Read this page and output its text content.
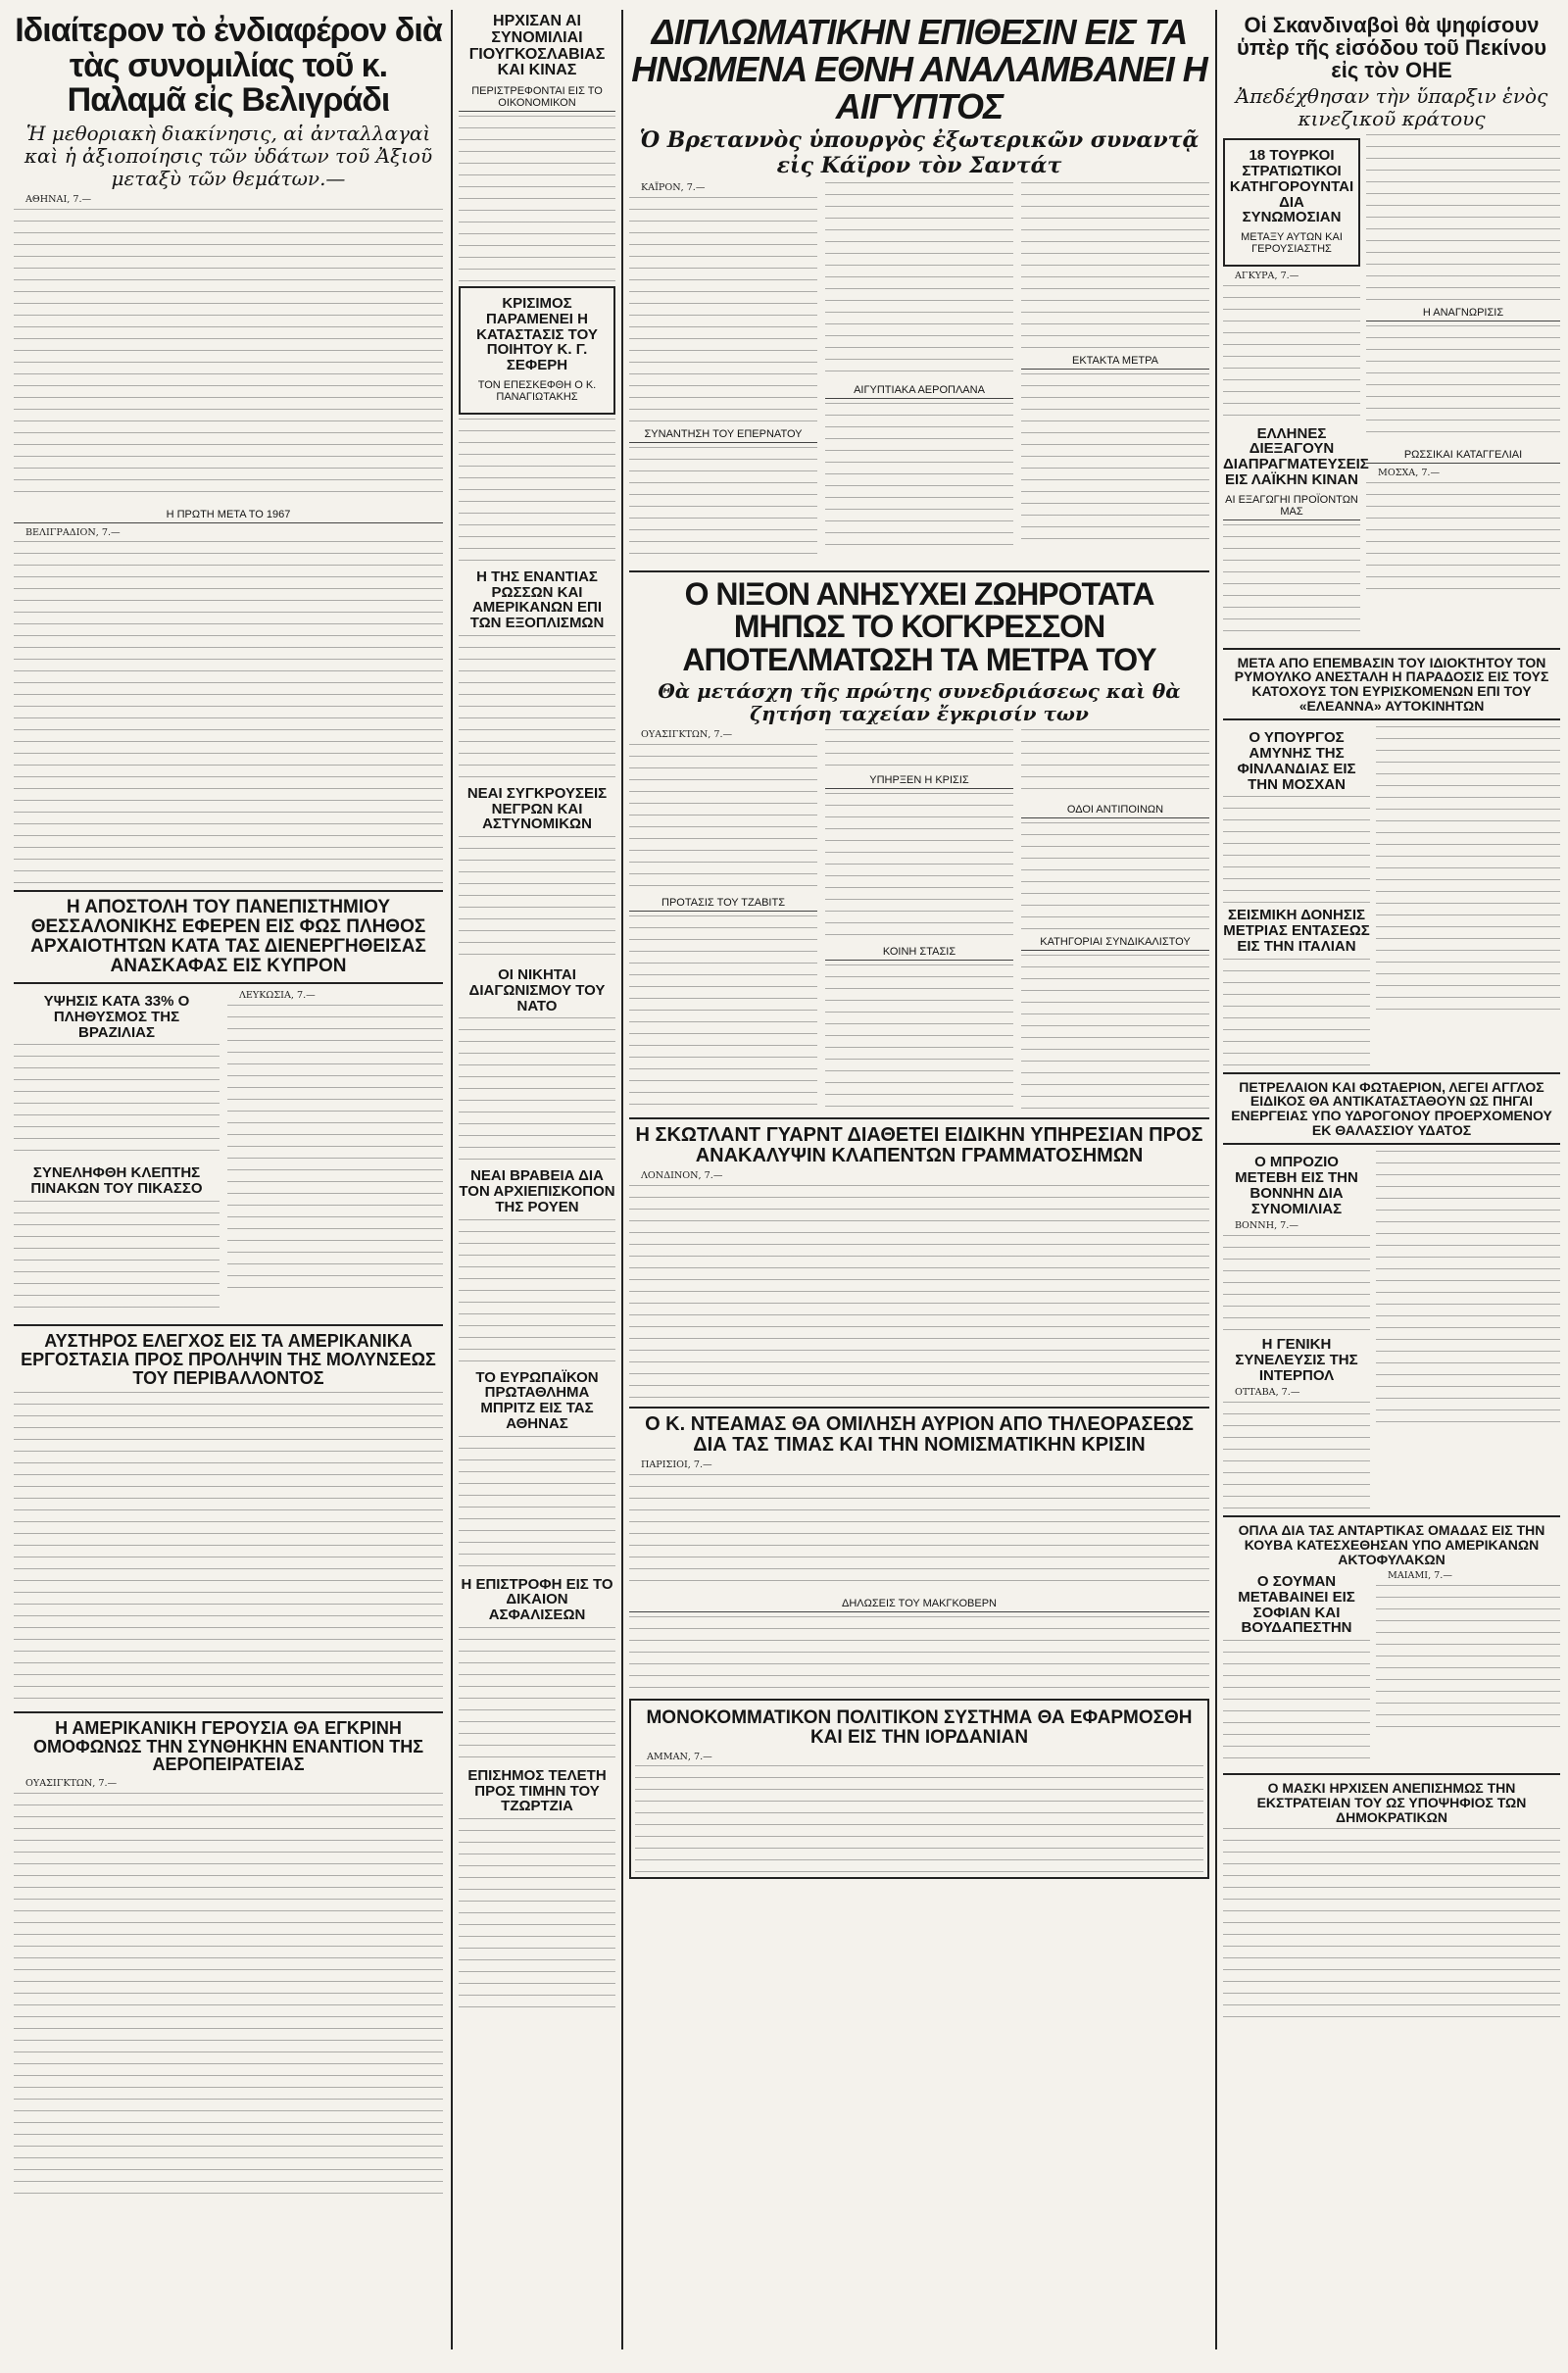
Ιδιαίτερον τὸ ἐνδιαφέρον διὰ τὰς συνομιλίας τοῦ κ. Παλαμᾶ εἰς Βελιγράδι
Ἡ μεθοριακὴ διακίνησις, αἱ ἀνταλλαγαὶ καὶ ἡ ἀξιοποίησις τῶν ὑδάτων τοῦ Ἀξιοῦ μεταξὺ τῶν θεμάτων.—

ΑΘΗΝΑΙ, 7.—

Η ΠΡΩΤΗ ΜΕΤΑ ΤΟ 1967

ΒΕΛΙΓΡΑΔΙΟΝ, 7.—

Η ΑΠΟΣΤΟΛΗ ΤΟΥ ΠΑΝΕΠΙΣΤΗΜΙΟΥ ΘΕΣΣΑΛΟΝΙΚΗΣ ΕΦΕΡΕΝ ΕΙΣ ΦΩΣ ΠΛΗΘΟΣ ΑΡΧΑΙΟΤΗΤΩΝ ΚΑΤΑ ΤΑΣ ΔΙΕΝΕΡΓΗΘΕΙΣΑΣ ΑΝΑΣΚΑΦΑΣ ΕΙΣ ΚΥΠΡΟΝ
ΥΨΗΣΙΣ ΚΑΤΑ 33% Ο ΠΛΗΘΥΣΜΟΣ ΤΗΣ ΒΡΑΖΙΛΙΑΣ
ΣΥΝΕΛΗΦΘΗ ΚΛΕΠΤΗΣ ΠΙΝΑΚΩΝ ΤΟΥ ΠΙΚΑΣΣΟ

ΛΕΥΚΩΣΙΑ, 7.—

ΑΥΣΤΗΡΟΣ ΕΛΕΓΧΟΣ ΕΙΣ ΤΑ ΑΜΕΡΙΚΑΝΙΚΑ ΕΡΓΟΣΤΑΣΙΑ ΠΡΟΣ ΠΡΟΛΗΨΙΝ ΤΗΣ ΜΟΛΥΝΣΕΩΣ ΤΟΥ ΠΕΡΙΒΑΛΛΟΝΤΟΣ
Η ΑΜΕΡΙΚΑΝΙΚΗ ΓΕΡΟΥΣΙΑ ΘΑ ΕΓΚΡΙΝΗ ΟΜΟΦΩΝΩΣ ΤΗΝ ΣΥΝΘΗΚΗΝ ΕΝΑΝΤΙΟΝ ΤΗΣ ΑΕΡΟΠΕΙΡΑΤΕΙΑΣ

ΟΥΑΣΙΓΚΤΩΝ, 7.—

ΗΡΧΙΣΑΝ ΑΙ ΣΥΝΟΜΙΛΙΑΙ ΓΙΟΥΓΚΟΣΛΑΒΙΑΣ ΚΑΙ ΚΙΝΑΣ
ΠΕΡΙΣΤΡΕΦΟΝΤΑΙ ΕΙΣ ΤΟ ΟΙΚΟΝΟΜΙΚΟΝ
ΚΡΙΣΙΜΟΣ ΠΑΡΑΜΕΝΕΙ Η ΚΑΤΑΣΤΑΣΙΣ ΤΟΥ ΠΟΙΗΤΟΥ Κ. Γ. ΣΕΦΕΡΗ
ΤΟΝ ΕΠΕΣΚΕΦΘΗ Ο Κ. ΠΑΝΑΓΙΩΤΑΚΗΣ
Η ΤΗΣ ΕΝΑΝΤΙΑΣ ΡΩΣΣΩΝ ΚΑΙ ΑΜΕΡΙΚΑΝΩΝ ΕΠΙ ΤΩΝ ΕΞΟΠΛΙΣΜΩΝ
ΝΕΑΙ ΣΥΓΚΡΟΥΣΕΙΣ ΝΕΓΡΩΝ ΚΑΙ ΑΣΤΥΝΟΜΙΚΩΝ
ΟΙ ΝΙΚΗΤΑΙ ΔΙΑΓΩΝΙΣΜΟΥ ΤΟΥ ΝΑΤΟ
ΝΕΑΙ ΒΡΑΒΕΙΑ ΔΙΑ ΤΟΝ ΑΡΧΙΕΠΙΣΚΟΠΟΝ ΤΗΣ ΡΟΥΕΝ
ΤΟ ΕΥΡΩΠΑΪΚΟΝ ΠΡΩΤΑΘΛΗΜΑ ΜΠΡΙΤΖ ΕΙΣ ΤΑΣ ΑΘΗΝΑΣ
Η ΕΠΙΣΤΡΟΦΗ ΕΙΣ ΤΟ ΔΙΚΑΙΟΝ ΑΣΦΑΛΙΣΕΩΝ
ΕΠΙΣΗΜΟΣ ΤΕΛΕΤΗ ΠΡΟΣ ΤΙΜΗΝ ΤΟΥ ΤΖΩΡΤΖΙΑ
ΔΙΠΛΩΜΑΤΙΚΗΝ ΕΠΙΘΕΣΙΝ ΕΙΣ ΤΑ ΗΝΩΜΕΝΑ ΕΘΝΗ ΑΝΑΛΑΜΒΑΝΕΙ Η ΑΙΓΥΠΤΟΣ
Ὁ Βρεταννὸς ὑπουργὸς ἐξωτερικῶν συναντᾷ εἰς Κάϊρον τὸν Σαντάτ

ΚΑΪΡΟΝ, 7.—

ΣΥΝΑΝΤΗΣΗ ΤΟΥ ΕΠΕΡΝΑΤΟΥ
ΑΙΓΥΠΤΙΑΚΑ ΑΕΡΟΠΛΑΝΑ
ΕΚΤΑΚΤΑ ΜΕΤΡΑ
Ο ΝΙΞΟΝ ΑΝΗΣΥΧΕΙ ΖΩΗΡΟΤΑΤΑ ΜΗΠΩΣ ΤΟ ΚΟΓΚΡΕΣΣΟΝ ΑΠΟΤΕΛΜΑΤΩΣΗ ΤΑ ΜΕΤΡΑ ΤΟΥ
Θὰ μετάσχη τῆς πρώτης συνεδριάσεως καὶ θὰ ζητήση ταχείαν ἔγκρισίν των

ΟΥΑΣΙΓΚΤΩΝ, 7.—

ΠΡΟΤΑΣΙΣ ΤΟΥ ΤΖΑΒΙΤΣ
ΥΠΗΡΞΕΝ Η ΚΡΙΣΙΣ
ΚΟΙΝΗ ΣΤΑΣΙΣ
ΟΔΟΙ ΑΝΤΙΠΟΙΝΩΝ
ΚΑΤΗΓΟΡΙΑΙ ΣΥΝΔΙΚΑΛΙΣΤΟΥ
Η ΣΚΩΤΛΑΝΤ ΓΥΑΡΝΤ ΔΙΑΘΕΤΕΙ ΕΙΔΙΚΗΝ ΥΠΗΡΕΣΙΑΝ ΠΡΟΣ ΑΝΑΚΑΛΥΨΙΝ ΚΛΑΠΕΝΤΩΝ ΓΡΑΜΜΑΤΟΣΗΜΩΝ

ΛΟΝΔΙΝΟΝ, 7.—

Ο Κ. ΝΤΕΑΜΑΣ ΘΑ ΟΜΙΛΗΣΗ ΑΥΡΙΟΝ ΑΠΟ ΤΗΛΕΟΡΑΣΕΩΣ ΔΙΑ ΤΑΣ ΤΙΜΑΣ ΚΑΙ ΤΗΝ ΝΟΜΙΣΜΑΤΙΚΗΝ ΚΡΙΣΙΝ

ΠΑΡΙΣΙΟΙ, 7.—

ΔΗΛΩΣΕΙΣ ΤΟΥ ΜΑΚΓΚΟΒΕΡΝ
ΜΟΝΟΚΟΜΜΑΤΙΚΟΝ ΠΟΛΙΤΙΚΟΝ ΣΥΣΤΗΜΑ ΘΑ ΕΦΑΡΜΟΣΘΗ ΚΑΙ ΕΙΣ ΤΗΝ ΙΟΡΔΑΝΙΑΝ

ΑΜΜΑΝ, 7.—

Οἱ Σκανδιναβοὶ θὰ ψηφίσουν ὑπὲρ τῆς εἰσόδου τοῦ Πεκίνου εἰς τὸν ΟΗΕ
Ἀπεδέχθησαν τὴν ὕπαρξιν ἑνὸς κινεζικοῦ κράτους
18 ΤΟΥΡΚΟΙ ΣΤΡΑΤΙΩΤΙΚΟΙ ΚΑΤΗΓΟΡΟΥΝΤΑΙ ΔΙΑ ΣΥΝΩΜΟΣΙΑΝ
ΜΕΤΑΞΥ ΑΥΤΩΝ ΚΑΙ ΓΕΡΟΥΣΙΑΣΤΗΣ

ΑΓΚΥΡΑ, 7.—

ΕΛΛΗΝΕΣ ΔΙΕΞΑΓΟΥΝ ΔΙΑΠΡΑΓΜΑΤΕΥΣΕΙΣ ΕΙΣ ΛΑΪΚΗΝ ΚΙΝΑΝ
ΑΙ ΕΞΑΓΩΓΗΙ ΠΡΟΪΟΝΤΩΝ ΜΑΣ
Η ΑΝΑΓΝΩΡΙΣΙΣ
ΡΩΣΣΙΚΑΙ ΚΑΤΑΓΓΕΛΙΑΙ

ΜΟΣΧΑ, 7.—

ΜΕΤΑ ΑΠΟ ΕΠΕΜΒΑΣΙΝ ΤΟΥ ΙΔΙΟΚΤΗΤΟΥ ΤΟΝ ΡΥΜΟΥΛΚΟ ΑΝΕΣΤΑΛΗ Η ΠΑΡΑΔΟΣΙΣ ΕΙΣ ΤΟΥΣ ΚΑΤΟΧΟΥΣ ΤΟΝ ΕΥΡΙΣΚΟΜΕΝΩΝ ΕΠΙ ΤΟΥ «ΕΛΕΑΝΝΑ» ΑΥΤΟΚΙΝΗΤΩΝ
Ο ΥΠΟΥΡΓΟΣ ΑΜΥΝΗΣ ΤΗΣ ΦΙΝΛΑΝΔΙΑΣ ΕΙΣ ΤΗΝ ΜΟΣΧΑΝ
ΣΕΙΣΜΙΚΗ ΔΟΝΗΣΙΣ ΜΕΤΡΙΑΣ ΕΝΤΑΣΕΩΣ ΕΙΣ ΤΗΝ ΙΤΑΛΙΑΝ
ΠΕΤΡΕΛΑΙΟΝ ΚΑΙ ΦΩΤΑΕΡΙΟΝ, ΛΕΓΕΙ ΑΓΓΛΟΣ ΕΙΔΙΚΟΣ ΘΑ ΑΝΤΙΚΑΤΑΣΤΑΘΟΥΝ ΩΣ ΠΗΓΑΙ ΕΝΕΡΓΕΙΑΣ ΥΠΟ ΥΔΡΟΓΟΝΟΥ ΠΡΟΕΡΧΟΜΕΝΟΥ ΕΚ ΘΑΛΑΣΣΙΟΥ ΥΔΑΤΟΣ
Ο ΜΠΡΟΖΙΟ ΜΕΤΕΒΗ ΕΙΣ ΤΗΝ ΒΟΝΝΗΝ ΔΙΑ ΣΥΝΟΜΙΛΙΑΣ

ΒΟΝΝΗ, 7.—

Η ΓΕΝΙΚΗ ΣΥΝΕΛΕΥΣΙΣ ΤΗΣ ΙΝΤΕΡΠΟΛ

ΟΤΤΑΒΑ, 7.—

ΟΠΛΑ ΔΙΑ ΤΑΣ ΑΝΤΑΡΤΙΚΑΣ ΟΜΑΔΑΣ ΕΙΣ ΤΗΝ ΚΟΥΒΑ ΚΑΤΕΣΧΕΘΗΣΑΝ ΥΠΟ ΑΜΕΡΙΚΑΝΩΝ ΑΚΤΟΦΥΛΑΚΩΝ
Ο ΣΟΥΜΑΝ ΜΕΤΑΒΑΙΝΕΙ ΕΙΣ ΣΟΦΙΑΝ ΚΑΙ ΒΟΥΔΑΠΕΣΤΗΝ

ΜΑΙΑΜΙ, 7.—

Ο ΜΑΣΚΙ ΗΡΧΙΣΕΝ ΑΝΕΠΙΣΗΜΩΣ ΤΗΝ ΕΚΣΤΡΑΤΕΙΑΝ ΤΟΥ ΩΣ ΥΠΟΨΗΦΙΟΣ ΤΩΝ ΔΗΜΟΚΡΑΤΙΚΩΝ
